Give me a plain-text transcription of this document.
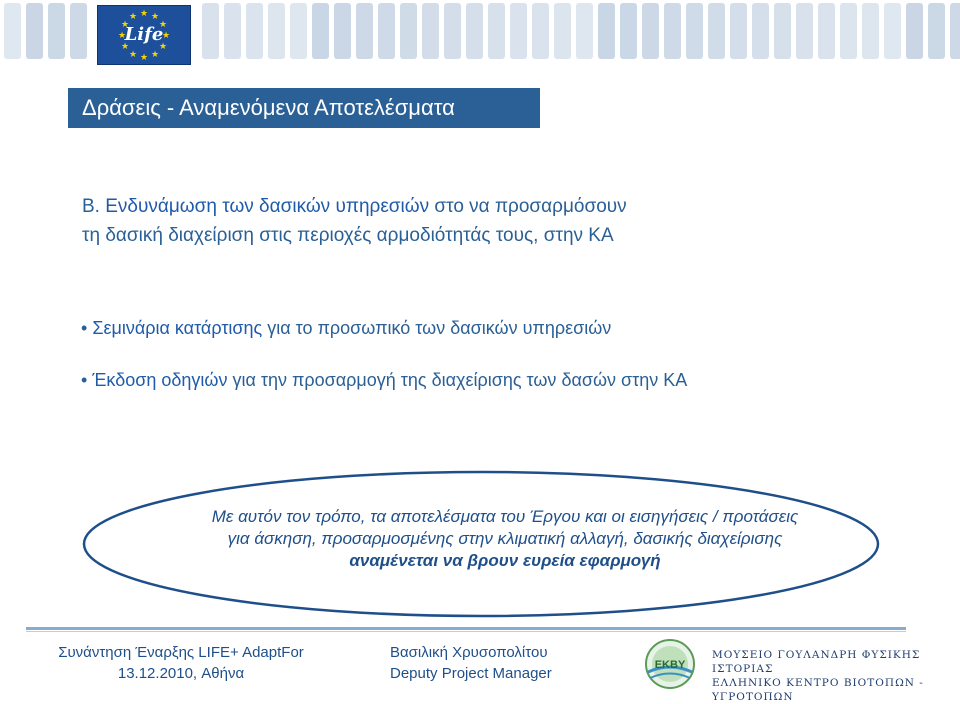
Life
★
★
★
★
★
★
★
★
★ ★ ★
★
Δράσεις - Αναμενόμενα Αποτελέσματα
Β. Ενδυνάμωση των δασικών υπηρεσιών στο να προσαρμόσουν
τη δασική διαχείριση στις περιοχές αρμοδιότητάς τους, στην ΚΑ
• Σεμινάρια κατάρτισης για το προσωπικό των δασικών υπηρεσιών
• Έκδοση οδηγιών για την προσαρμογή της διαχείρισης των δασών στην ΚΑ
Με αυτόν τον τρόπο, τα αποτελέσματα του Έργου και οι εισηγήσεις / προτάσεις
για άσκηση, προσαρμοσμένης στην κλιματική αλλαγή, δασικής διαχείρισης
αναμένεται να βρουν ευρεία εφαρμογή
Συνάντηση Έναρξης LIFE+ AdaptFor
13.12.2010, Αθήνα
Βασιλική Χρυσοπολίτου
Deputy Project Manager	EKBY
ΜΟΥΣΕΙΟ ΓΟΥΛΑΝΔΡΗ ΦΥΣΙΚΗΣ ΙΣΤΟΡΙΑΣ
ΕΛΛΗΝΙΚΟ ΚΕΝΤΡΟ ΒΙΟΤΟΠΩΝ - ΥΓΡΟΤΟΠΩΝ
